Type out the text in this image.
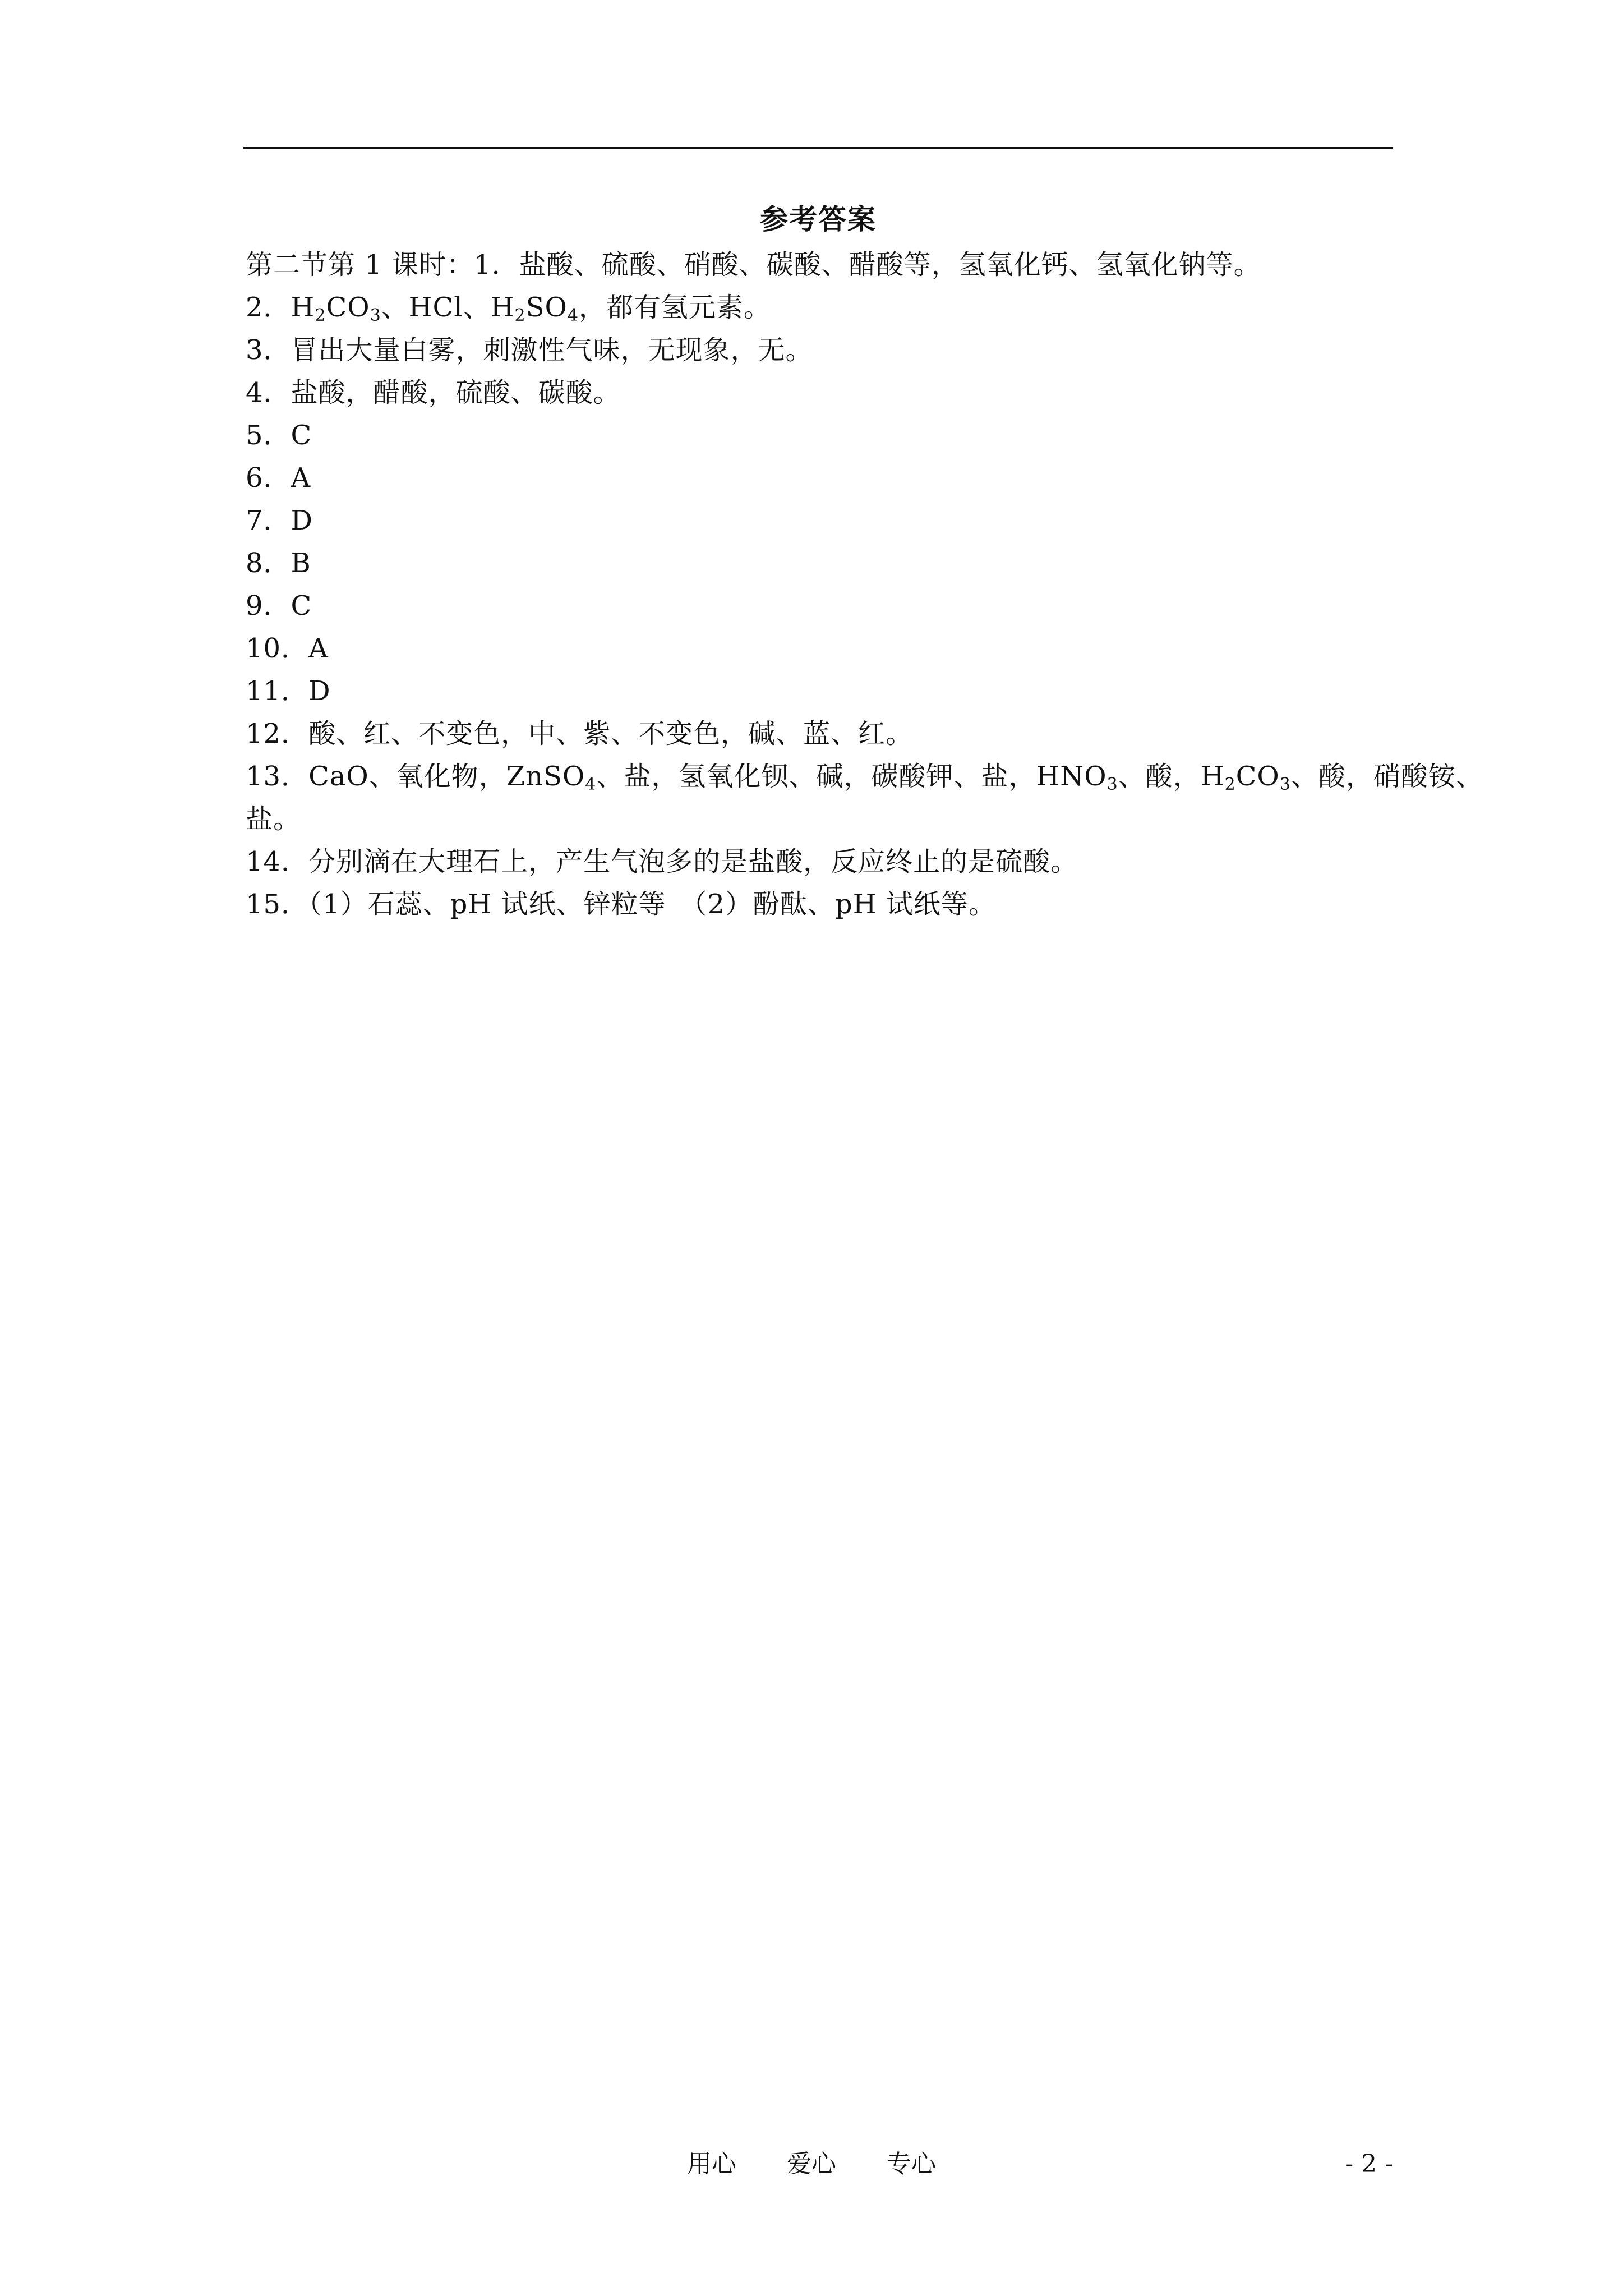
参考答案
第二节第 1 课时：1．盐酸、硫酸、硝酸、碳酸、醋酸等，氢氧化钙、氢氧化钠等。
2．$H_2CO_3$、HCl、$H_2SO_4$，都有氢元素。
3．冒出大量白雾，刺激性气味，无现象，无。
4．盐酸，醋酸，硫酸、碳酸。
5．C
6．A
7．D
8．B
9．C
10．A
11．D
12．酸、红、不变色，中、紫、不变色，碱、蓝、红。
13．CaO、氧化物，ZnSO$_4$、盐，氢氧化钡、碱，碳酸钾、盐，$HNO_3$、酸，$H_2CO_3$、酸，硝酸铵、
盐。
14．分别滴在大理石上，产生气泡多的是盐酸，反应终止的是硫酸。
15．（1）石蕊、pH 试纸、锌粒等　（2）酚酞、pH 试纸等。
用心 爱心 专心	- 2 -
